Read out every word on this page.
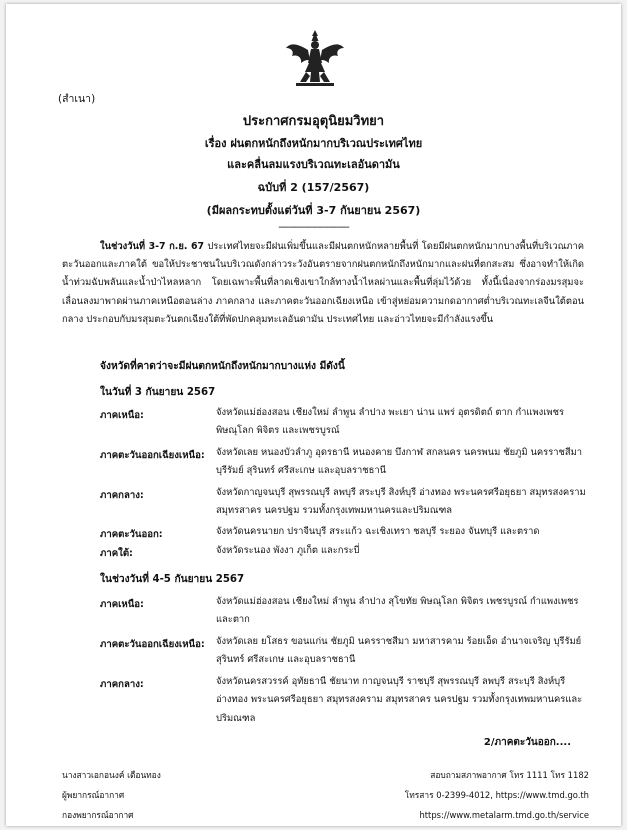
(สำเนา)
ประกาศกรมอุตุนิยมวิทยา
เรื่อง ฝนตกหนักถึงหนักมากบริเวณประเทศไทย
และคลื่นลมแรงบริเวณทะเลอันดามัน
ฉบับที่ 2 (157/2567)
(มีผลกระทบตั้งแต่วันที่ 3-7 กันยายน 2567)
---------------------------
ในช่วงวันที่ 3-7 ก.ย. 67 ประเทศไทยจะมีฝนเพิ่มขึ้นและมีฝนตกหนักหลายพื้นที่ โดยมีฝนตกหนักมากบางพื้นที่บริเวณภาคตะวันออกและภาคใต้ ขอให้ประชาชนในบริเวณดังกล่าวระวังอันตรายจากฝนตกหนักถึงหนักมากและฝนที่ตกสะสม ซึ่งอาจทำให้เกิดน้ำท่วมฉับพลันและน้ำป่าไหลหลาก โดยเฉพาะพื้นที่ลาดเชิงเขาใกล้ทางน้ำไหลผ่านและพื้นที่ลุ่มไว้ด้วย ทั้งนี้เนื่องจากร่องมรสุมจะเลื่อนลงมาพาดผ่านภาคเหนือตอนล่าง ภาคกลาง และภาคตะวันออกเฉียงเหนือ เข้าสู่หย่อมความกดอากาศต่ำบริเวณทะเลจีนใต้ตอนกลาง ประกอบกับมรสุมตะวันตกเฉียงใต้ที่พัดปกคลุมทะเลอันดามัน ประเทศไทย และอ่าวไทยจะมีกำลังแรงขึ้น
จังหวัดที่คาดว่าจะมีฝนตกหนักถึงหนักมากบางแห่ง มีดังนี้
ในวันที่ 3 กันยายน 2567
ภาคเหนือ:	จังหวัดแม่ฮ่องสอน เชียงใหม่ ลำพูน ลำปาง พะเยา น่าน แพร่ อุตรดิตถ์ ตาก กำแพงเพชร พิษณุโลก พิจิตร และเพชรบูรณ์
ภาคตะวันออกเฉียงเหนือ: จังหวัดเลย หนองบัวลำภู อุดรธานี หนองคาย บึงกาฬ สกลนคร นครพนม ชัยภูมิ นครราชสีมา บุรีรัมย์ สุรินทร์ ศรีสะเกษ และอุบลราชธานี
ภาคกลาง:	จังหวัดกาญจนบุรี สุพรรณบุรี ลพบุรี สระบุรี สิงห์บุรี อ่างทอง พระนครศรีอยุธยา สมุทรสงคราม สมุทรสาคร นครปฐม รวมทั้งกรุงเทพมหานครและปริมณฑล
ภาคตะวันออก:	จังหวัดนครนายก ปราจีนบุรี สระแก้ว ฉะเชิงเทรา ชลบุรี ระยอง จันทบุรี และตราด
ภาคใต้:	จังหวัดระนอง พังงา ภูเก็ต และกระบี่
ในช่วงวันที่ 4-5 กันยายน 2567
ภาคเหนือ:	จังหวัดแม่ฮ่องสอน เชียงใหม่ ลำพูน ลำปาง สุโขทัย พิษณุโลก พิจิตร เพชรบูรณ์ กำแพงเพชร และตาก
ภาคตะวันออกเฉียงเหนือ: จังหวัดเลย ยโสธร ขอนแก่น ชัยภูมิ นครราชสีมา มหาสารคาม ร้อยเอ็ด อำนาจเจริญ บุรีรัมย์ สุรินทร์ ศรีสะเกษ และอุบลราชธานี
ภาคกลาง:	จังหวัดนครสวรรค์ อุทัยธานี ชัยนาท กาญจนบุรี ราชบุรี สุพรรณบุรี ลพบุรี สระบุรี สิงห์บุรี อ่างทอง พระนครศรีอยุธยา สมุทรสงคราม สมุทรสาคร นครปฐม รวมทั้งกรุงเทพมหานครและปริมณฑล
2/ภาคตะวันออก....
นางสาวเอกอนงค์ เตือนทอง
ผู้พยากรณ์อากาศ
กองพยากรณ์อากาศ
สอบถามสภาพอากาศ โทร 1111 โทร 1182
โทรสาร 0-2399-4012, https://www.tmd.go.th
https://www.metalarm.tmd.go.th/service
